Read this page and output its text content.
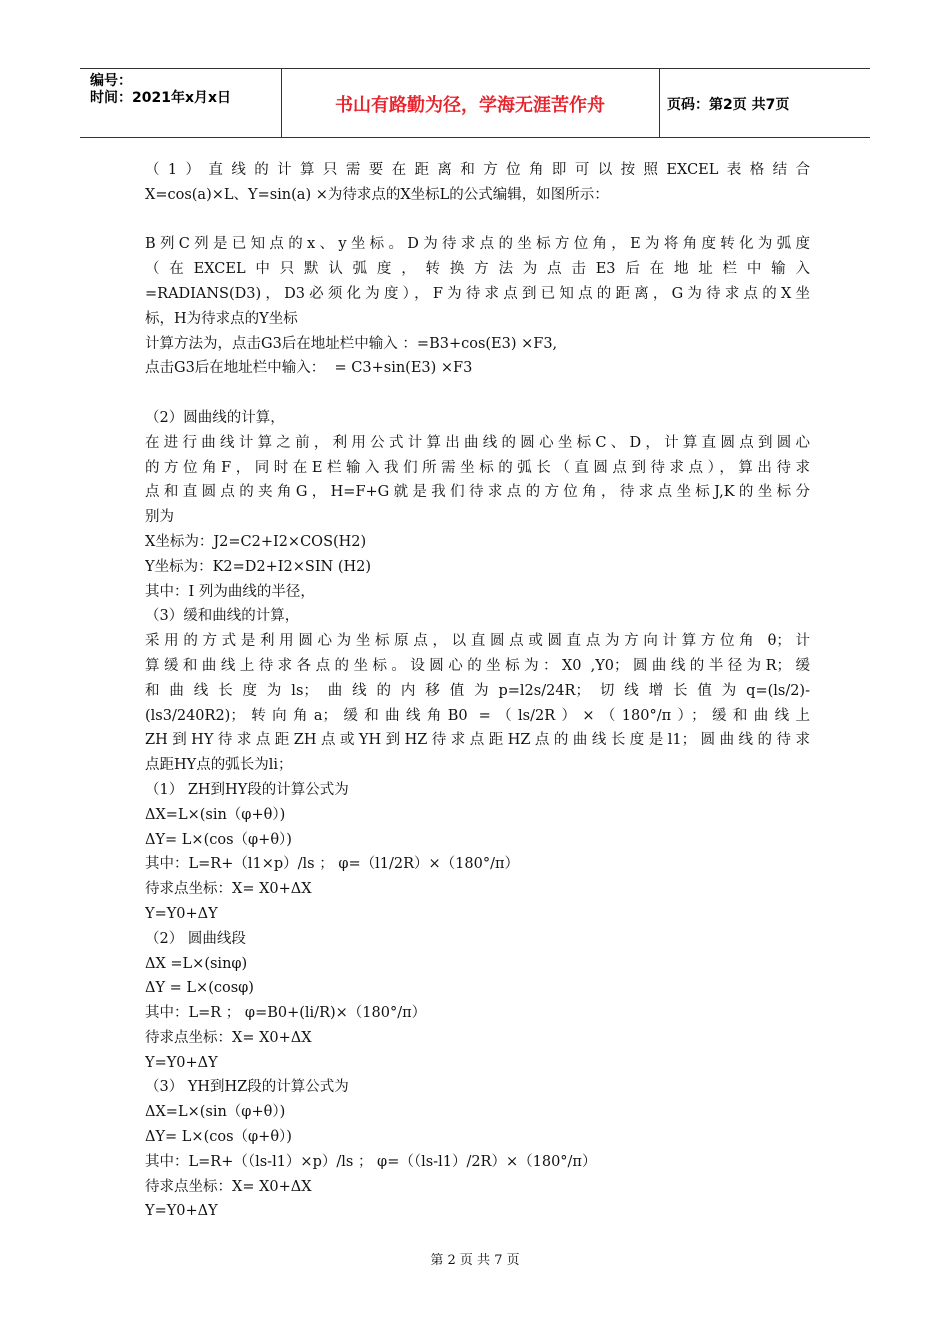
编号：
时间：2021年x月x日	书山有路勤为径，学海无涯苦作舟	页码：第2页 共7页
（1）直线的计算只需要在距离和方位角即可以按照EXCEL表格结合
X=cos(a)×L、Y=sin(a) ×为待求点的X坐标L的公式编辑，如图所示：
B列C列是已知点的x、y坐标。D为待求点的坐标方位角，E为将角度转化为弧度
（在EXCEL中只默认弧度，转换方法为点击E3后在地址栏中输入
=RADIANS(D3)，D3必须化为度），F为待求点到已知点的距离，G为待求点的X坐
标，H为待求点的Y坐标
计算方法为，点击G3后在地址栏中输入 ：=B3+cos(E3) ×F3,
点击G3后在地址栏中输入：  = C3+sin(E3) ×F3
（2）圆曲线的计算，
在进行曲线计算之前，利用公式计算出曲线的圆心坐标C、D，计算直圆点到圆心
的方位角F，同时在E栏输入我们所需坐标的弧长（直圆点到待求点），算出待求
点和直圆点的夹角G，H=F+G就是我们待求点的方位角，待求点坐标J,K的坐标分
别为
X坐标为：J2=C2+I2×COS(H2)
Y坐标为：K2=D2+I2×SIN (H2)
其中：I 列为曲线的半径，
（3）缓和曲线的计算，
采用的方式是利用圆心为坐标原点，以直圆点或圆直点为方向计算方位角 θ；计
算缓和曲线上待求各点的坐标。设圆心的坐标为：X0 ,Y0；圆曲线的半径为R；缓
和曲线长度为ls；曲线的内移值为p=l2s/24R；切线增长值为q=(ls/2)-
(ls3/240R2)；转向角a；缓和曲线角B0 =（ls/2R）×（180°/π）；缓和曲线上
ZH到HY待求点距ZH点或YH到HZ待求点距HZ点的曲线长度是l1；圆曲线的待求
点距HY点的弧长为li；
（1） ZH到HY段的计算公式为
ΔX=L×(sin（φ+θ）)
ΔY= L×(cos（φ+θ）)
其中：L=R+（l1×p）/ls ； φ=（l1/2R）×（180°/π）
待求点坐标：X= X0+ΔX
Y=Y0+ΔY
（2） 圆曲线段
ΔX =L×(sinφ)
ΔY = L×(cosφ)
其中：L=R ； φ=B0+(li/R)×（180°/π）
待求点坐标：X= X0+ΔX
Y=Y0+ΔY
（3） YH到HZ段的计算公式为
ΔX=L×(sin（φ+θ）)
ΔY= L×(cos（φ+θ）)
其中：L=R+（（ls-l1）×p）/ls ； φ=（（ls-l1）/2R）×（180°/π）
待求点坐标：X= X0+ΔX
Y=Y0+ΔY
第 2 页 共 7 页
